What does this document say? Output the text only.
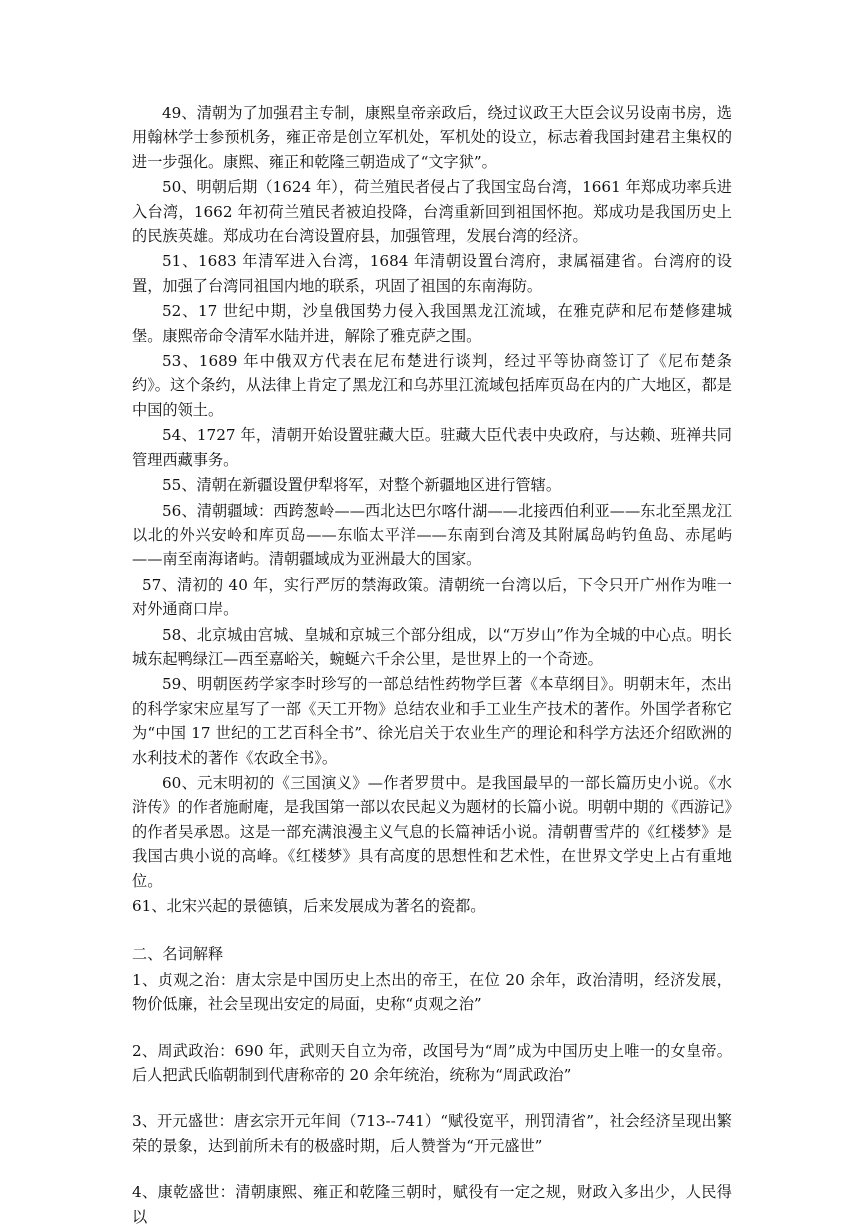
49、清朝为了加强君主专制，康熙皇帝亲政后，绕过议政王大臣会议另设南书房，选用翰林学士参预机务，雍正帝是创立军机处，军机处的设立，标志着我国封建君主集权的进一步强化。康熙、雍正和乾隆三朝造成了“文字狱”。

50、明朝后期（1624 年），荷兰殖民者侵占了我国宝岛台湾，1661 年郑成功率兵进入台湾，1662 年初荷兰殖民者被迫投降，台湾重新回到祖国怀抱。郑成功是我国历史上的民族英雄。郑成功在台湾设置府县，加强管理，发展台湾的经济。

51、1683 年清军进入台湾，1684 年清朝设置台湾府，隶属福建省。台湾府的设置，加强了台湾同祖国内地的联系，巩固了祖国的东南海防。

52、17 世纪中期，沙皇俄国势力侵入我国黑龙江流域，在雅克萨和尼布楚修建城堡。康熙帝命令清军水陆并进，解除了雅克萨之围。

53、1689 年中俄双方代表在尼布楚进行谈判，经过平等协商签订了《尼布楚条约》。这个条约，从法律上肯定了黑龙江和乌苏里江流域包括库页岛在内的广大地区，都是中国的领土。

54、1727 年，清朝开始设置驻藏大臣。驻藏大臣代表中央政府，与达赖、班禅共同管理西藏事务。

55、清朝在新疆设置伊犁将军，对整个新疆地区进行管辖。

56、清朝疆域：西跨葱岭——西北达巴尔喀什湖——北接西伯利亚——东北至黑龙江以北的外兴安岭和库页岛——东临太平洋——东南到台湾及其附属岛屿钓鱼岛、赤尾屿——南至南海诸屿。清朝疆域成为亚洲最大的国家。

57、清初的 40 年，实行严厉的禁海政策。清朝统一台湾以后，下令只开广州作为唯一对外通商口岸。

58、北京城由宫城、皇城和京城三个部分组成，以“万岁山”作为全城的中心点。明长城东起鸭绿江—西至嘉峪关，蜿蜒六千余公里，是世界上的一个奇迹。

59、明朝医药学家李时珍写的一部总结性药物学巨著《本草纲目》。明朝末年，杰出的科学家宋应星写了一部《天工开物》总结农业和手工业生产技术的著作。外国学者称它为“中国 17 世纪的工艺百科全书”、徐光启关于农业生产的理论和科学方法还介绍欧洲的水利技术的著作《农政全书》。

60、元末明初的《三国演义》—作者罗贯中。是我国最早的一部长篇历史小说。《水浒传》的作者施耐庵，是我国第一部以农民起义为题材的长篇小说。明朝中期的《西游记》的作者吴承恩。这是一部充满浪漫主义气息的长篇神话小说。清朝曹雪芹的《红楼梦》是我国古典小说的高峰。《红楼梦》具有高度的思想性和艺术性，在世界文学史上占有重地位。

61、北宋兴起的景德镇，后来发展成为著名的瓷都。

二、名词解释

1、贞观之治：唐太宗是中国历史上杰出的帝王，在位 20 余年，政治清明，经济发展，物价低廉，社会呈现出安定的局面，史称“贞观之治”

2、周武政治：690 年，武则天自立为帝，改国号为“周”成为中国历史上唯一的女皇帝。后人把武氏临朝制到代唐称帝的 20 余年统治，统称为“周武政治”

3、开元盛世：唐玄宗开元年间（713--741）“赋役宽平，刑罚清省”，社会经济呈现出繁荣的景象，达到前所未有的极盛时期，后人赞誉为“开元盛世”

4、康乾盛世：清朝康熙、雍正和乾隆三朝时，赋役有一定之规，财政入多出少，人民得以
